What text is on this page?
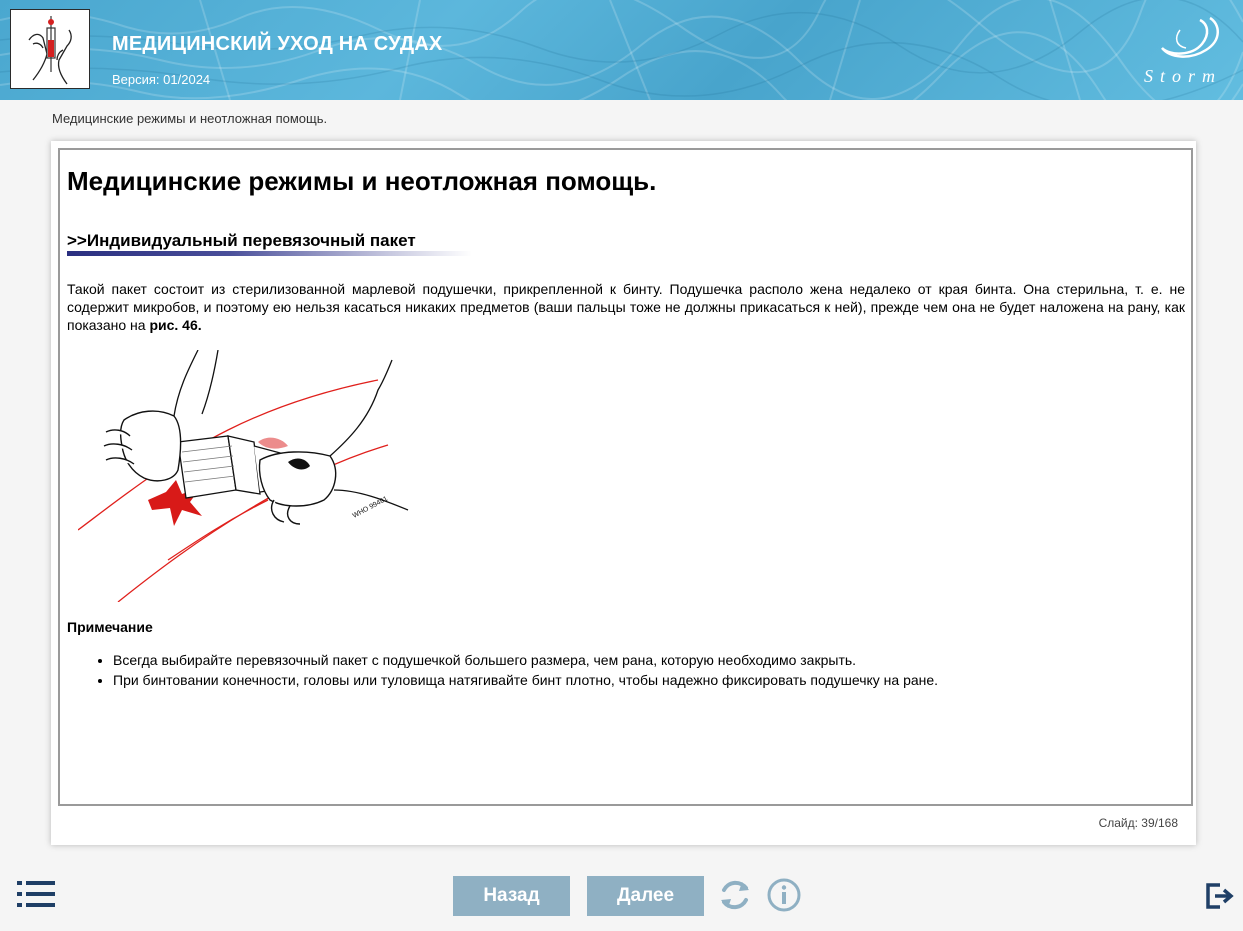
МЕДИЦИНСКИЙ УХОД НА СУДАХ
Версия: 01/2024	Storm
Медицинские режимы и неотложная помощь.
Медицинские режимы и неотложная помощь.
>>Индивидуальный перевязочный пакет
Такой пакет состоит из стерилизованной марлевой подушечки, прикрепленной к бинту. Подушечка располо жена недалеко от края бинта. Она стерильна, т. е. не содержит микробов, и поэтому ею нельзя касаться никаких предметов (ваши пальцы тоже не должны прикасаться к ней), прежде чем она не будет наложена на рану, как показано на рис. 46.
WHO 99491
Примечание
• Всегда выбирайте перевязочный пакет с подушечкой большего размера, чем рана, которую необходимо закрыть.
• При бинтовании конечности, головы или туловища натягивайте бинт плотно, чтобы надежно фиксировать подушечку на ране.
Слайд: 39/168
Назад	Далее
